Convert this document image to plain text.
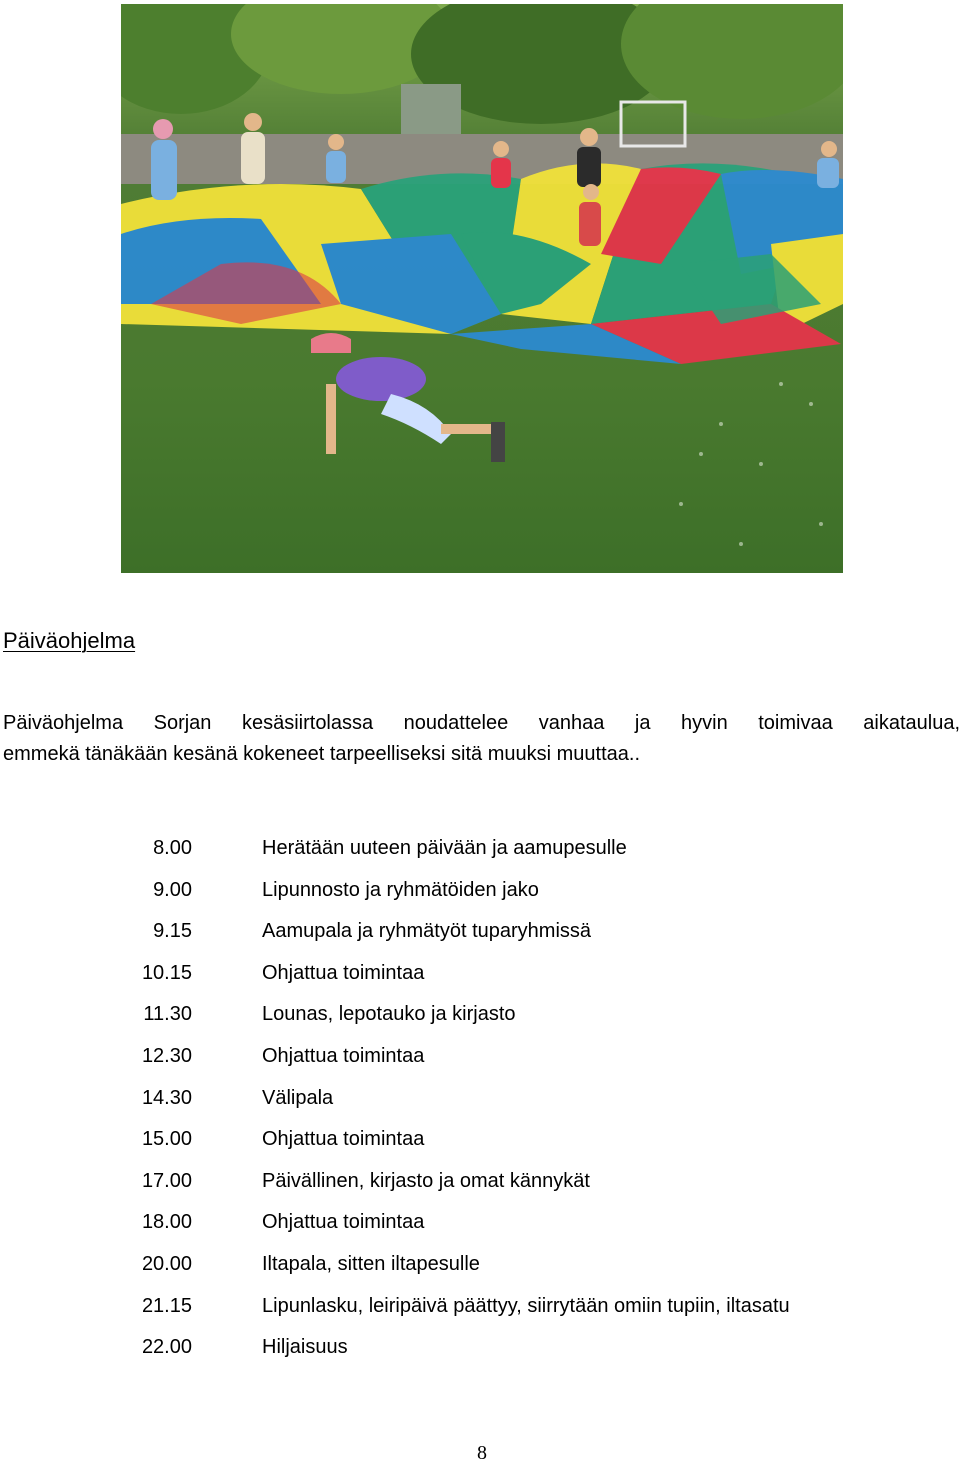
Päiväohjelma

Päiväohjelma Sorjan kesäsiirtolassa noudattelee vanhaa ja hyvin toimivaa aikataulua,
emmekä tänäkään kesänä kokeneet tarpeelliseksi sitä muuksi muuttaa..

8.00	Herätään uuteen päivään ja aamupesulle
9.00	Lipunnosto ja ryhmätöiden jako
9.15	Aamupala ja ryhmätyöt tuparyhmissä
10.15	Ohjattua toimintaa
11.30	Lounas, lepotauko ja kirjasto
12.30	Ohjattua toimintaa
14.30	Välipala
15.00	Ohjattua toimintaa
17.00	Päivällinen, kirjasto ja omat kännykät
18.00	Ohjattua toimintaa
20.00	Iltapala, sitten iltapesulle
21.15	Lipunlasku, leiripäivä päättyy, siirrytään omiin tupiin, iltasatu
22.00	Hiljaisuus
8
